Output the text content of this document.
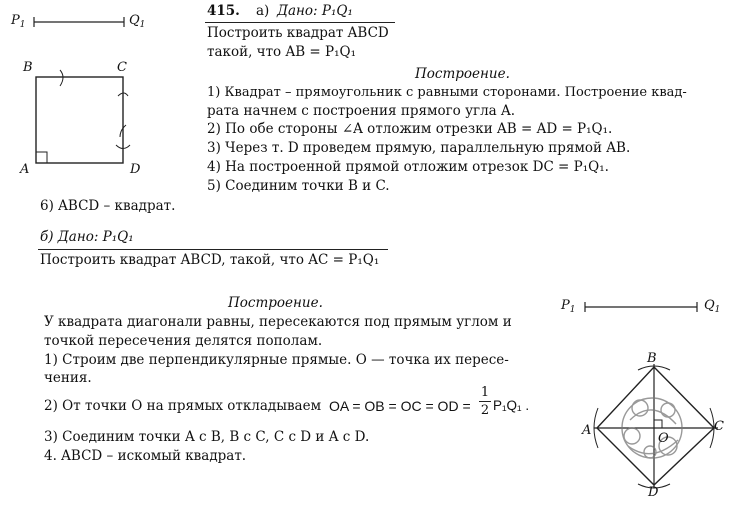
$P_1$	$Q_1$
B	C
A	D
$P_1$	$Q_1$
B
A	C
O
D
415. а) Дано: P₁Q₁
Построить квадрат ABCD
такой, что AB = P₁Q₁
Построение.
1) Квадрат – прямоугольник с равными сторонами. Построение квад-
рата начнем с построения прямого угла A.
2) По обе стороны ∠A отложим отрезки AB = AD = P₁Q₁.
3) Через т. D проведем прямую, параллельную прямой AB.
4) На построенной прямой отложим отрезок DC = P₁Q₁.
5) Соединим точки B и C.
6) ABCD – квадрат.
б) Дано: P₁Q₁
Построить квадрат ABCD, такой, что AC = P₁Q₁
Построение.
У квадрата диагонали равны, пересекаются под прямым углом и
точкой пересечения делятся пополам.
1) Строим две перпендикулярные прямые. O — точка их пересе-
чения.
2) От точки O на прямых откладываем OA = OB = OC = OD =
1
2 P₁Q₁ .
3) Соединим точки A с B, B с C, C с D и A с D.
4. ABCD – искомый квадрат.
